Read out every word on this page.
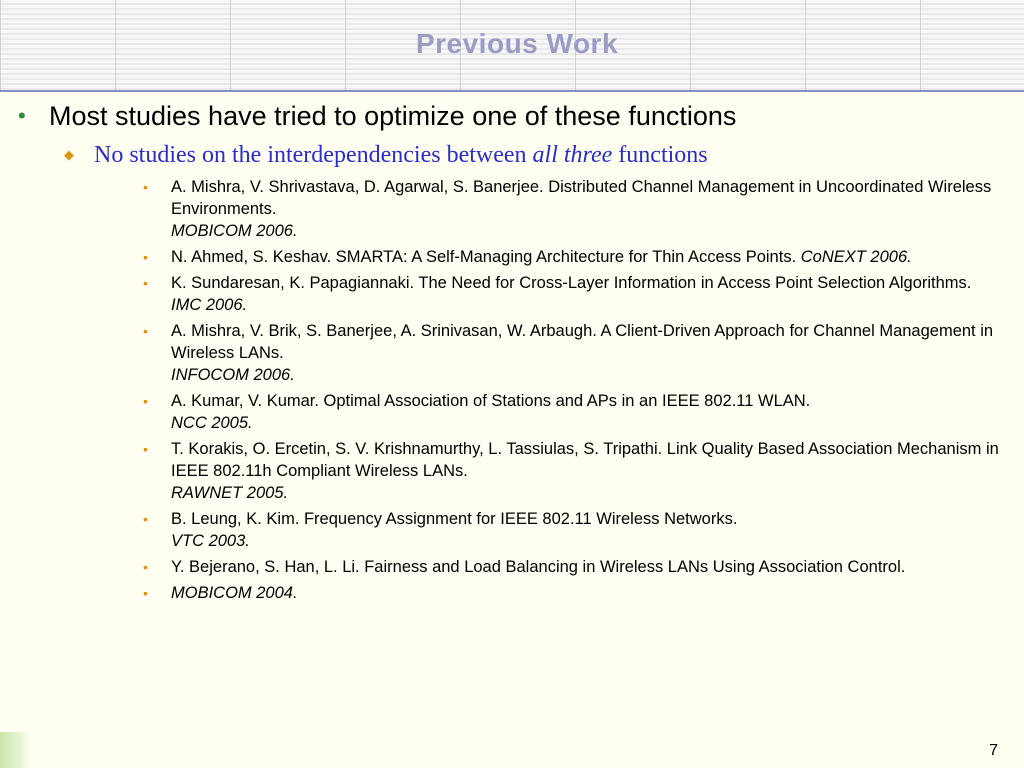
Previous Work
• Most studies have tried to optimize one of these functions
◆ No studies on the interdependencies between all three functions
• A. Mishra, V. Shrivastava, D. Agarwal, S. Banerjee. Distributed Channel Management in Uncoordinated Wireless Environments.
MOBICOM 2006.
• N. Ahmed, S. Keshav. SMARTA: A Self-Managing Architecture for Thin Access Points. CoNEXT 2006.
• K. Sundaresan, K. Papagiannaki. The Need for Cross-Layer Information in Access Point Selection Algorithms.
IMC 2006.
• A. Mishra, V. Brik, S. Banerjee, A. Srinivasan, W. Arbaugh. A Client-Driven Approach for Channel Management in Wireless LANs.
INFOCOM 2006.
• A. Kumar, V. Kumar. Optimal Association of Stations and APs in an IEEE 802.11 WLAN.
NCC 2005.
• T. Korakis, O. Ercetin, S. V. Krishnamurthy, L. Tassiulas, S. Tripathi. Link Quality Based Association Mechanism in IEEE 802.11h Compliant Wireless LANs.
RAWNET 2005.
• B. Leung, K. Kim. Frequency Assignment for IEEE 802.11 Wireless Networks.
VTC 2003.
• Y. Bejerano, S. Han, L. Li. Fairness and Load Balancing in Wireless LANs Using Association Control.
• MOBICOM 2004.
7
